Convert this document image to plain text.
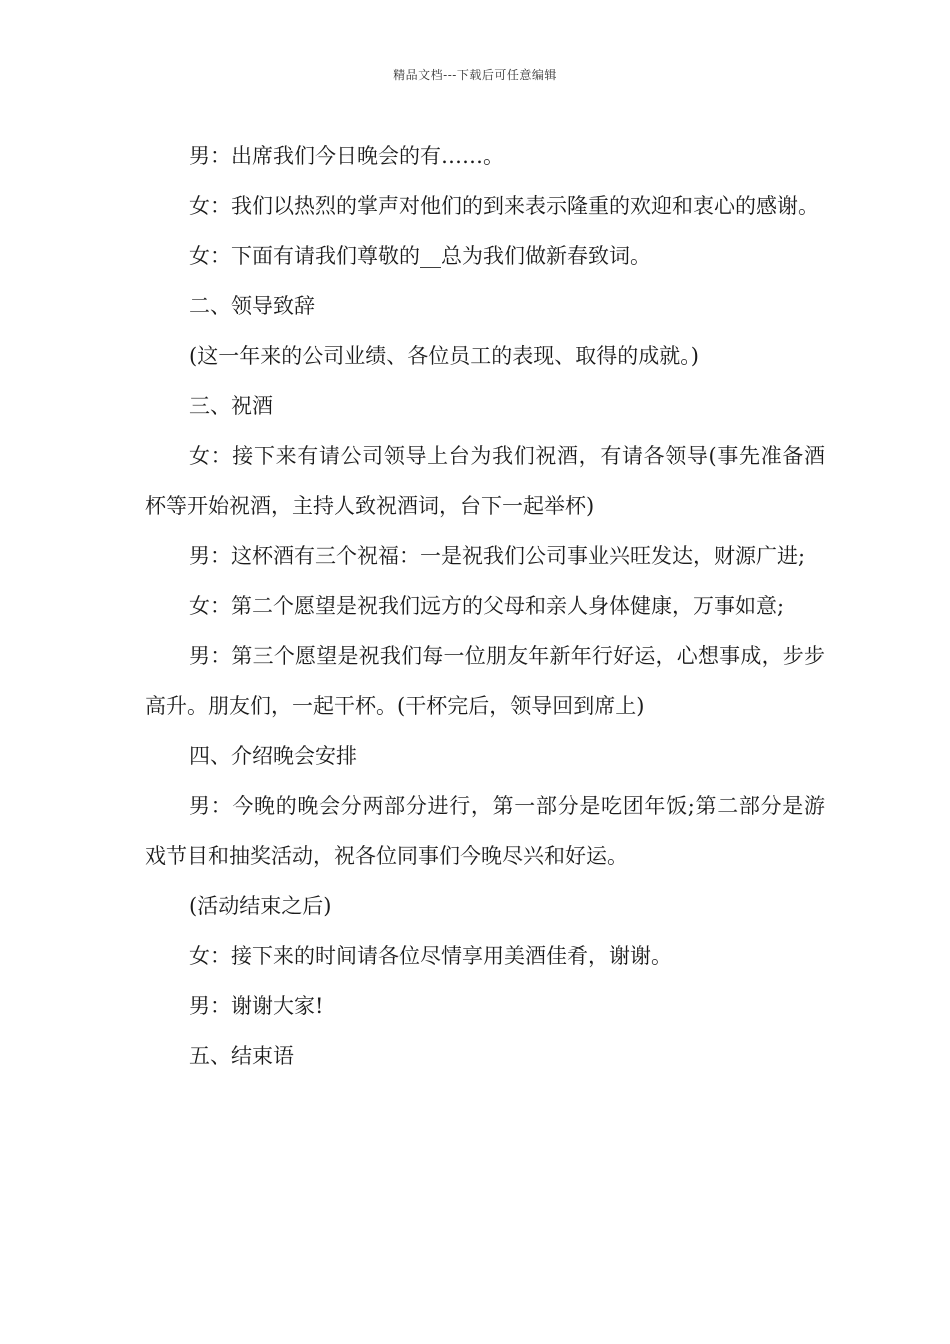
精品文档---下载后可任意编辑

男：出席我们今日晚会的有……。

女：我们以热烈的掌声对他们的到来表示隆重的欢迎和衷心的感谢。

女：下面有请我们尊敬的__总为我们做新春致词。

二、领导致辞

(这一年来的公司业绩、各位员工的表现、取得的成就。)

三、祝酒

女：接下来有请公司领导上台为我们祝酒，有请各领导(事先准备酒杯等开始祝酒，主持人致祝酒词，台下一起举杯)

男：这杯酒有三个祝福：一是祝我们公司事业兴旺发达，财源广进;

女：第二个愿望是祝我们远方的父母和亲人身体健康，万事如意;

男：第三个愿望是祝我们每一位朋友年新年行好运，心想事成，步步高升。朋友们，一起干杯。(干杯完后，领导回到席上)

四、介绍晚会安排

男：今晚的晚会分两部分进行，第一部分是吃团年饭;第二部分是游戏节目和抽奖活动，祝各位同事们今晚尽兴和好运。

(活动结束之后)

女：接下来的时间请各位尽情享用美酒佳肴，谢谢。

男：谢谢大家!

五、结束语
